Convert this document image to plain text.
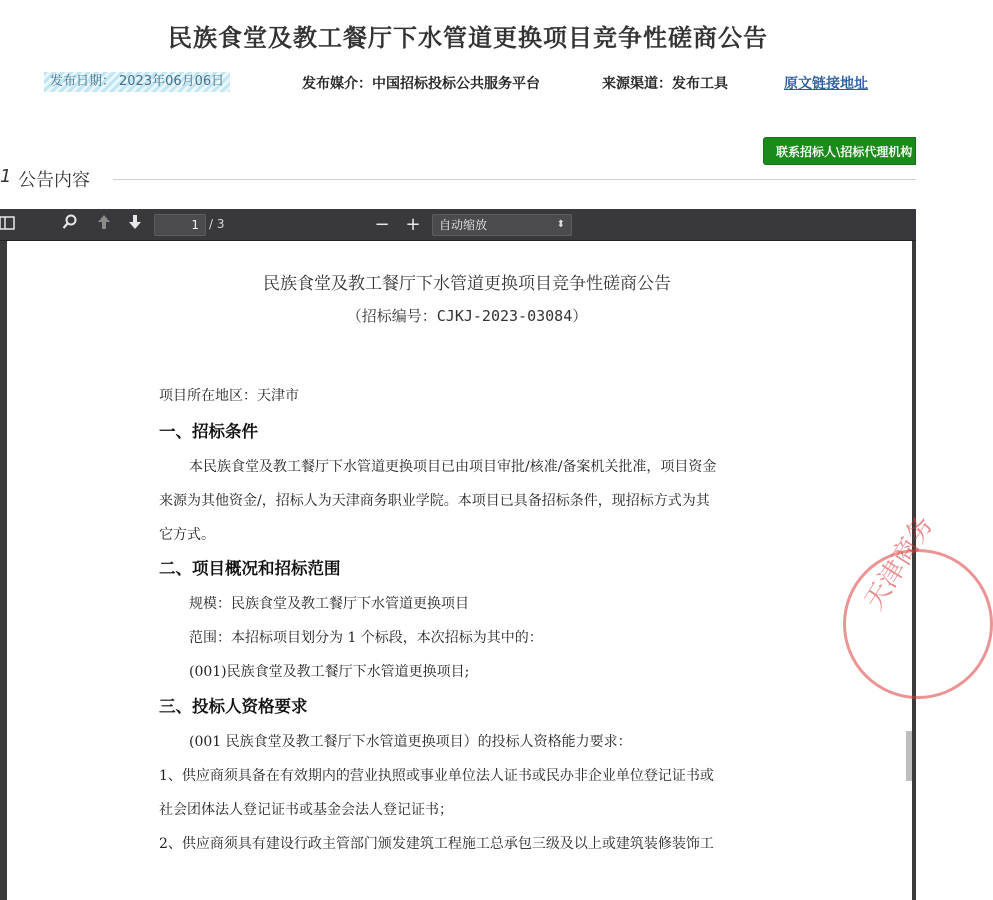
民族食堂及教工餐厅下水管道更换项目竞争性磋商公告
发布日期： 2023年06月06日	发布媒介：中国招标投标公共服务平台	来源渠道：发布工具	原文链接地址
联系招标人\招标代理机构
1 公告内容
1 / 3	− +	自动缩放	⬍
民族食堂及教工餐厅下水管道更换项目竞争性磋商公告
（招标编号：CJKJ-2023-03084）
项目所在地区：天津市
一、招标条件
本民族食堂及教工餐厅下水管道更换项目已由项目审批/核准/备案机关批准，项目资金
来源为其他资金/，招标人为天津商务职业学院。本项目已具备招标条件，现招标方式为其
它方式。
二、项目概况和招标范围
规模：民族食堂及教工餐厅下水管道更换项目
范围：本招标项目划分为 1 个标段，本次招标为其中的：
(001)民族食堂及教工餐厅下水管道更换项目;
三、投标人资格要求
(001 民族食堂及教工餐厅下水管道更换项目）的投标人资格能力要求：
1、供应商须具备在有效期内的营业执照或事业单位法人证书或民办非企业单位登记证书或
社会团体法人登记证书或基金会法人登记证书；
2、供应商须具有建设行政主管部门颁发建筑工程施工总承包三级及以上或建筑装修装饰工
天津商务
